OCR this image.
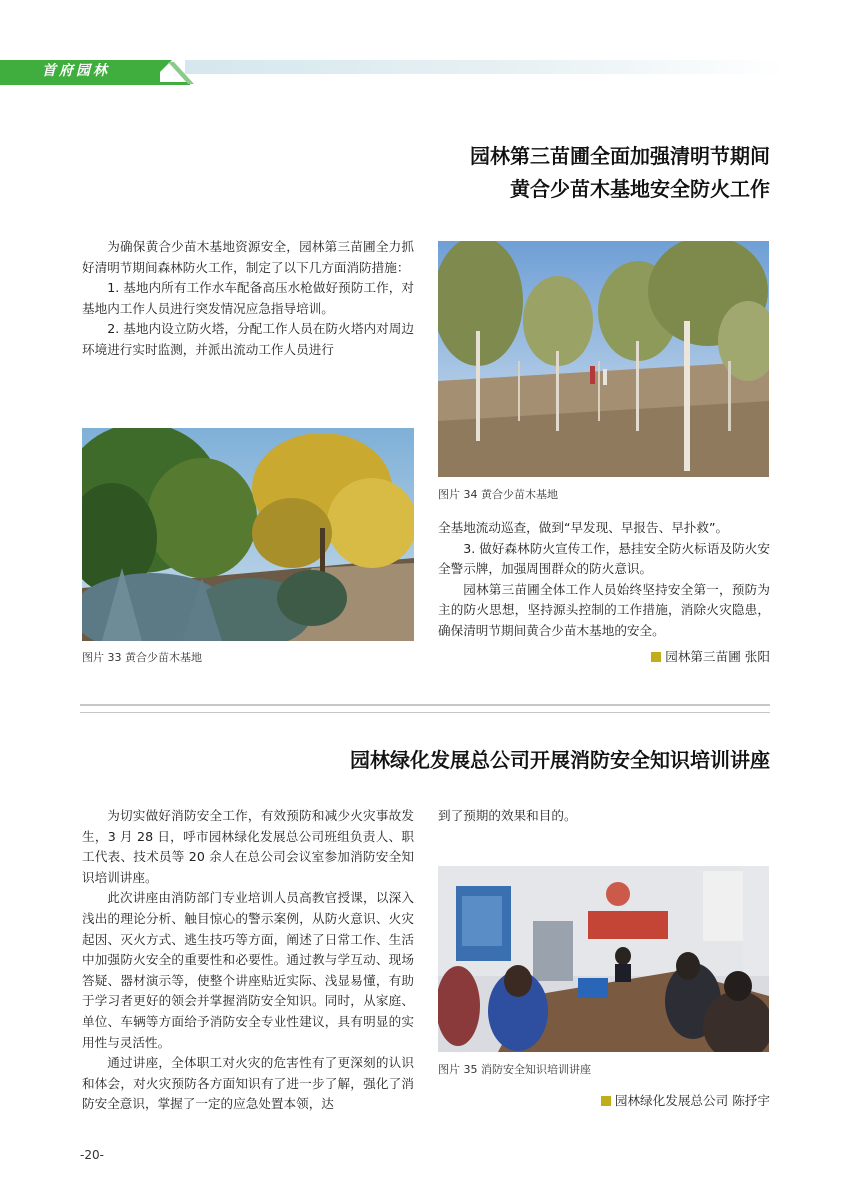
首府园林
园林第三苗圃全面加强清明节期间
黄合少苗木基地安全防火工作

为确保黄合少苗木基地资源安全，园林第三苗圃全力抓好清明节期间森林防火工作，制定了以下几方面消防措施：

1. 基地内所有工作水车配备高压水枪做好预防工作，对基地内工作人员进行突发情况应急指导培训。

2. 基地内设立防火塔，分配工作人员在防火塔内对周边环境进行实时监测，并派出流动工作人员进行

图片 33 黄合少苗木基地
图片 34 黄合少苗木基地

全基地流动巡查，做到“早发现、早报告、早扑救”。

3. 做好森林防火宣传工作，悬挂安全防火标语及防火安全警示牌，加强周围群众的防火意识。

园林第三苗圃全体工作人员始终坚持安全第一，预防为主的防火思想，坚持源头控制的工作措施，消除火灾隐患，确保清明节期间黄合少苗木基地的安全。

园林第三苗圃 张阳
园林绿化发展总公司开展消防安全知识培训讲座

为切实做好消防安全工作，有效预防和减少火灾事故发生，3 月 28 日，呼市园林绿化发展总公司班组负责人、职工代表、技术员等 20 余人在总公司会议室参加消防安全知识培训讲座。

此次讲座由消防部门专业培训人员高教官授课，以深入浅出的理论分析、触目惊心的警示案例，从防火意识、火灾起因、灭火方式、逃生技巧等方面，阐述了日常工作、生活中加强防火安全的重要性和必要性。通过教与学互动、现场答疑、器材演示等，使整个讲座贴近实际、浅显易懂，有助于学习者更好的领会并掌握消防安全知识。同时，从家庭、单位、车辆等方面给予消防安全专业性建议，具有明显的实用性与灵活性。

通过讲座，全体职工对火灾的危害性有了更深刻的认识和体会，对火灾预防各方面知识有了进一步了解，强化了消防安全意识，掌握了一定的应急处置本领，达

到了预期的效果和目的。

图片 35 消防安全知识培训讲座
园林绿化发展总公司 陈抒宇
-20-
